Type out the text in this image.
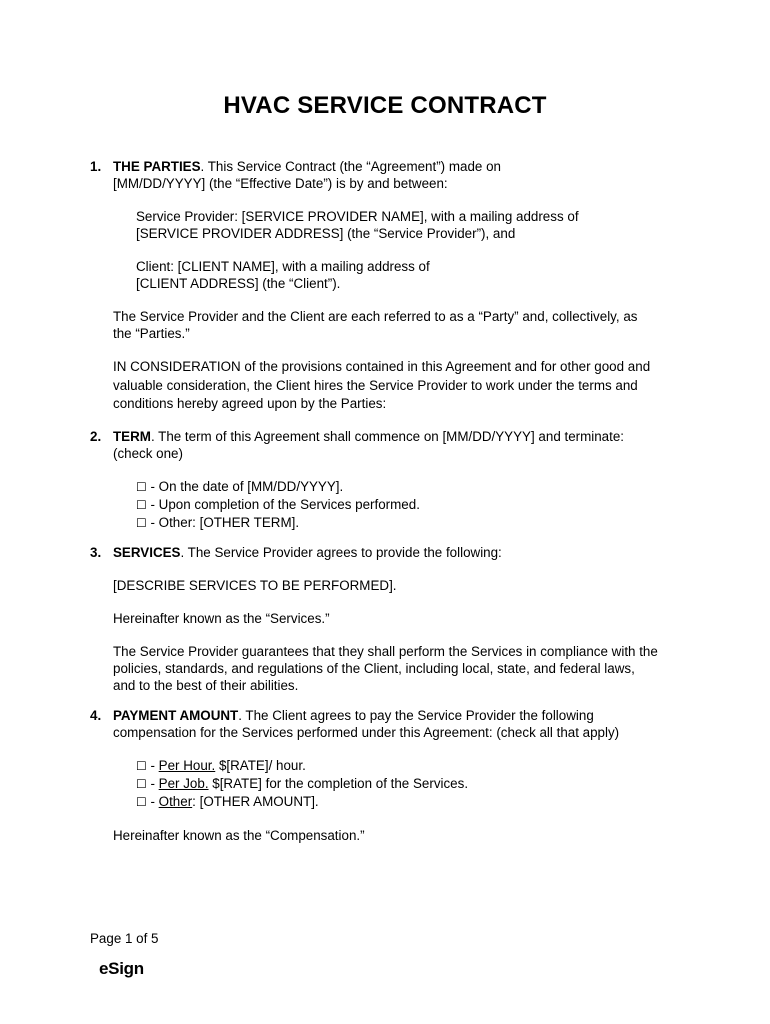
HVAC SERVICE CONTRACT
1. THE PARTIES. This Service Contract (the “Agreement”) made on

[MM/DD/YYYY] (the “Effective Date”) is by and between:

Service Provider: [SERVICE PROVIDER NAME], with a mailing address of

[SERVICE PROVIDER ADDRESS] (the “Service Provider”), and

Client: [CLIENT NAME], with a mailing address of

[CLIENT ADDRESS] (the “Client”).

The Service Provider and the Client are each referred to as a “Party” and, collectively, as

the “Parties.”

IN CONSIDERATION of the provisions contained in this Agreement and for other good and

valuable consideration, the Client hires the Service Provider to work under the terms and

conditions hereby agreed upon by the Parties:

2. TERM. The term of this Agreement shall commence on [MM/DD/YYYY] and terminate:

(check one)

☐ - On the date of [MM/DD/YYYY].

☐ - Upon completion of the Services performed.

☐ - Other: [OTHER TERM].

3. SERVICES. The Service Provider agrees to provide the following:

[DESCRIBE SERVICES TO BE PERFORMED].

Hereinafter known as the “Services.”

The Service Provider guarantees that they shall perform the Services in compliance with the

policies, standards, and regulations of the Client, including local, state, and federal laws,

and to the best of their abilities.

4. PAYMENT AMOUNT. The Client agrees to pay the Service Provider the following

compensation for the Services performed under this Agreement: (check all that apply)

☐ - Per Hour. $[RATE]/ hour.

☐ - Per Job. $[RATE] for the completion of the Services.

☐ - Other: [OTHER AMOUNT].

Hereinafter known as the “Compensation.”

Page 1 of 5
eSign
